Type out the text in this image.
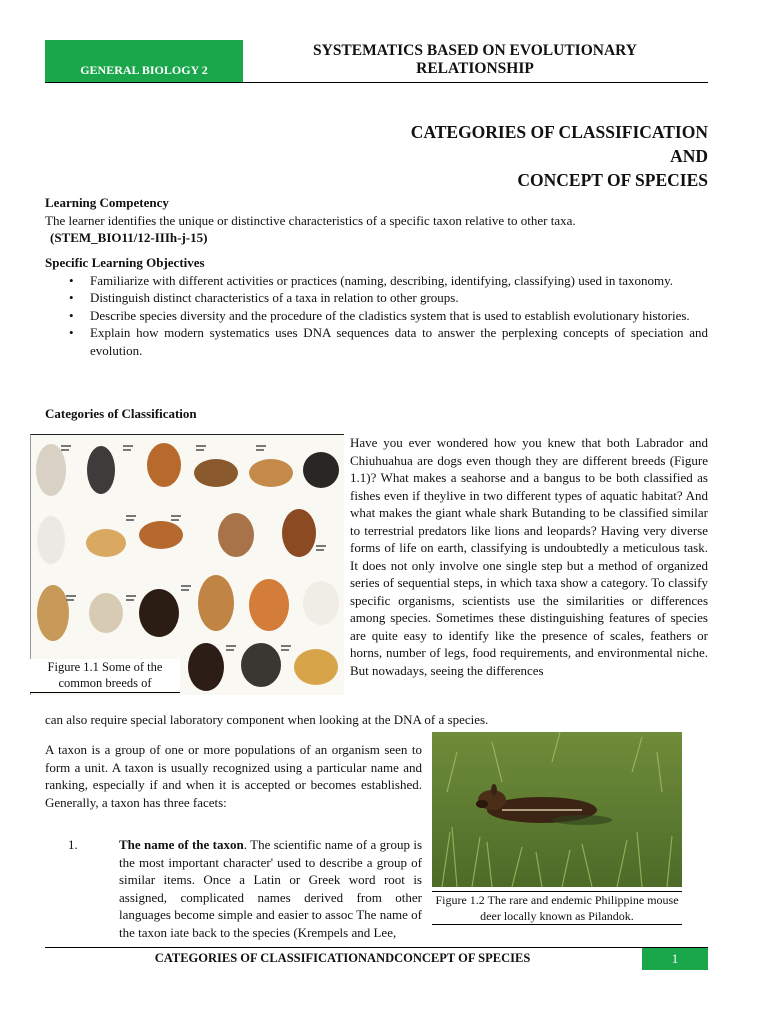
GENERAL BIOLOGY 2
SYSTEMATICS BASED ON EVOLUTIONARY
RELATIONSHIP
CATEGORIES OF CLASSIFICATION
AND
CONCEPT OF SPECIES
Learning Competency
The learner identifies the unique or distinctive characteristics of a specific taxon relative to other taxa.
(STEM_BIO11/12-IIIh-j-15)
Specific Learning Objectives
• Familiarize with different activities or practices (naming, describing, identifying, classifying) used in taxonomy.
• Distinguish distinct characteristics of a taxa in relation to other groups.
• Describe species diversity and the procedure of the cladistics system that is used to establish evolutionary histories.
• Explain how modern systematics uses DNA sequences data to answer the perplexing concepts of speciation and evolution.
Categories of Classification
Figure 1.1 Some of the
common breeds of
Have you ever wondered how you knew that both Labrador and Chiuhuahua are dogs even though they are different breeds (Figure 1.1)? What makes a seahorse and a bangus to be both classified as fishes even if theylive in two different types of aquatic habitat? And what makes the giant whale shark Butanding to be classified similar to terrestrial predators like lions and leopards? Having very diverse forms of life on earth, classifying is undoubtedly a meticulous task. It does not only involve one single step but a method of organized series of sequential steps, in which taxa show a category. To classify specific organisms, scientists use the similarities or differences among species. Sometimes these distinguishing features of species are quite easy to identify like the presence of scales, feathers or horns, number of legs, food requirements, and environmental niche. But nowadays, seeing the differences
can also require special laboratory component when looking at the DNA of a species.
A taxon is a group of one or more populations of an organism seen to form a unit. A taxon is usually recognized using a particular name and ranking, especially if and when it is accepted or becomes established. Generally, a taxon has three facets:
1.	The name of the taxon. The scientific name of a group is the most important character' used to describe a group of similar items. Once a Latin or Greek word root is assigned, complicated names derived from other languages become simple and easier to assoc The name of the taxon iate back to the species (Krempels and Lee,
Figure 1.2 The rare and endemic Philippine mouse deer locally known as Pilandok.
CATEGORIES OF CLASSIFICATIONANDCONCEPT OF SPECIES	1
